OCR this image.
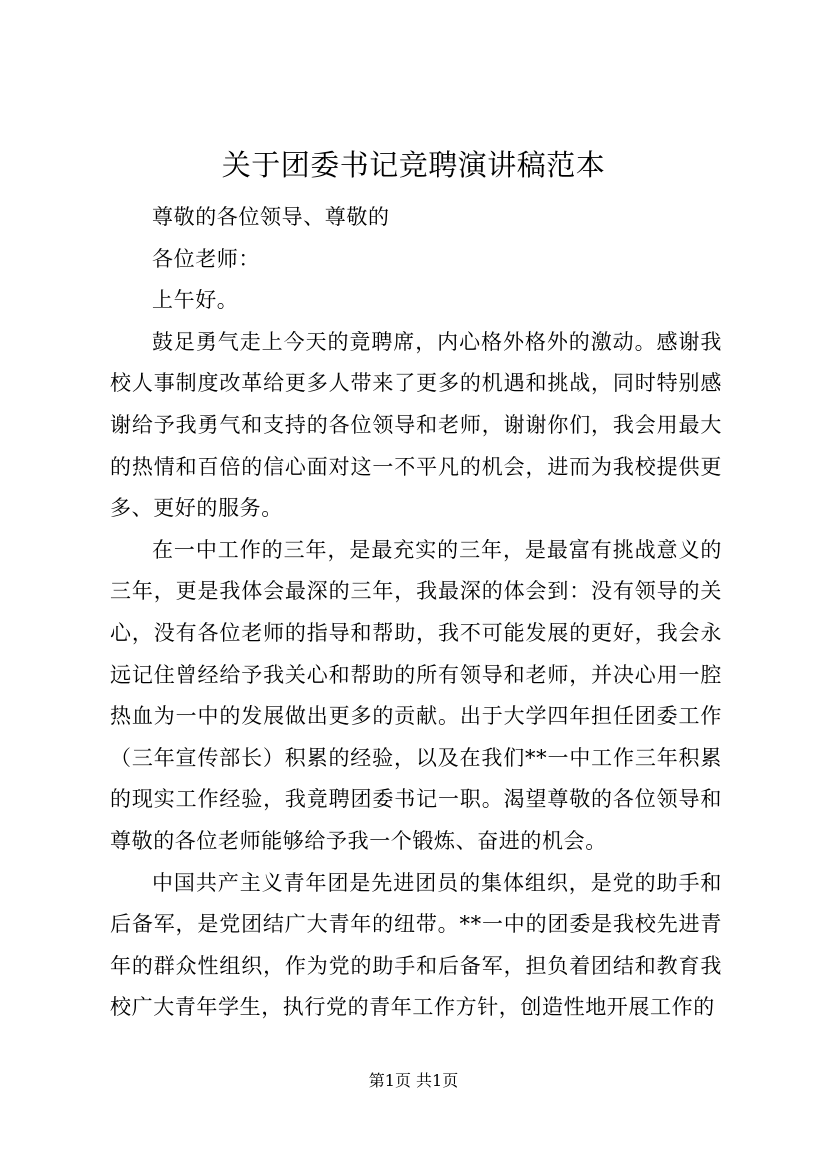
关于团委书记竞聘演讲稿范本

尊敬的各位领导、尊敬的

各位老师：

上午好。

鼓足勇气走上今天的竟聘席，内心格外格外的激动。感谢我校人事制度改革给更多人带来了更多的机遇和挑战，同时特别感谢给予我勇气和支持的各位领导和老师，谢谢你们，我会用最大的热情和百倍的信心面对这一不平凡的机会，进而为我校提供更多、更好的服务。

在一中工作的三年，是最充实的三年，是最富有挑战意义的三年，更是我体会最深的三年，我最深的体会到：没有领导的关心，没有各位老师的指导和帮助，我不可能发展的更好，我会永远记住曾经给予我关心和帮助的所有领导和老师，并决心用一腔热血为一中的发展做出更多的贡献。出于大学四年担任团委工作（三年宣传部长）积累的经验，以及在我们**一中工作三年积累的现实工作经验，我竟聘团委书记一职。渴望尊敬的各位领导和尊敬的各位老师能够给予我一个锻炼、奋进的机会。

中国共产主义青年团是先进团员的集体组织，是党的助手和后备军，是党团结广大青年的纽带。**一中的团委是我校先进青年的群众性组织，作为党的助手和后备军，担负着团结和教育我校广大青年学生，执行党的青年工作方针，创造性地开展工作的

第1页 共1页
